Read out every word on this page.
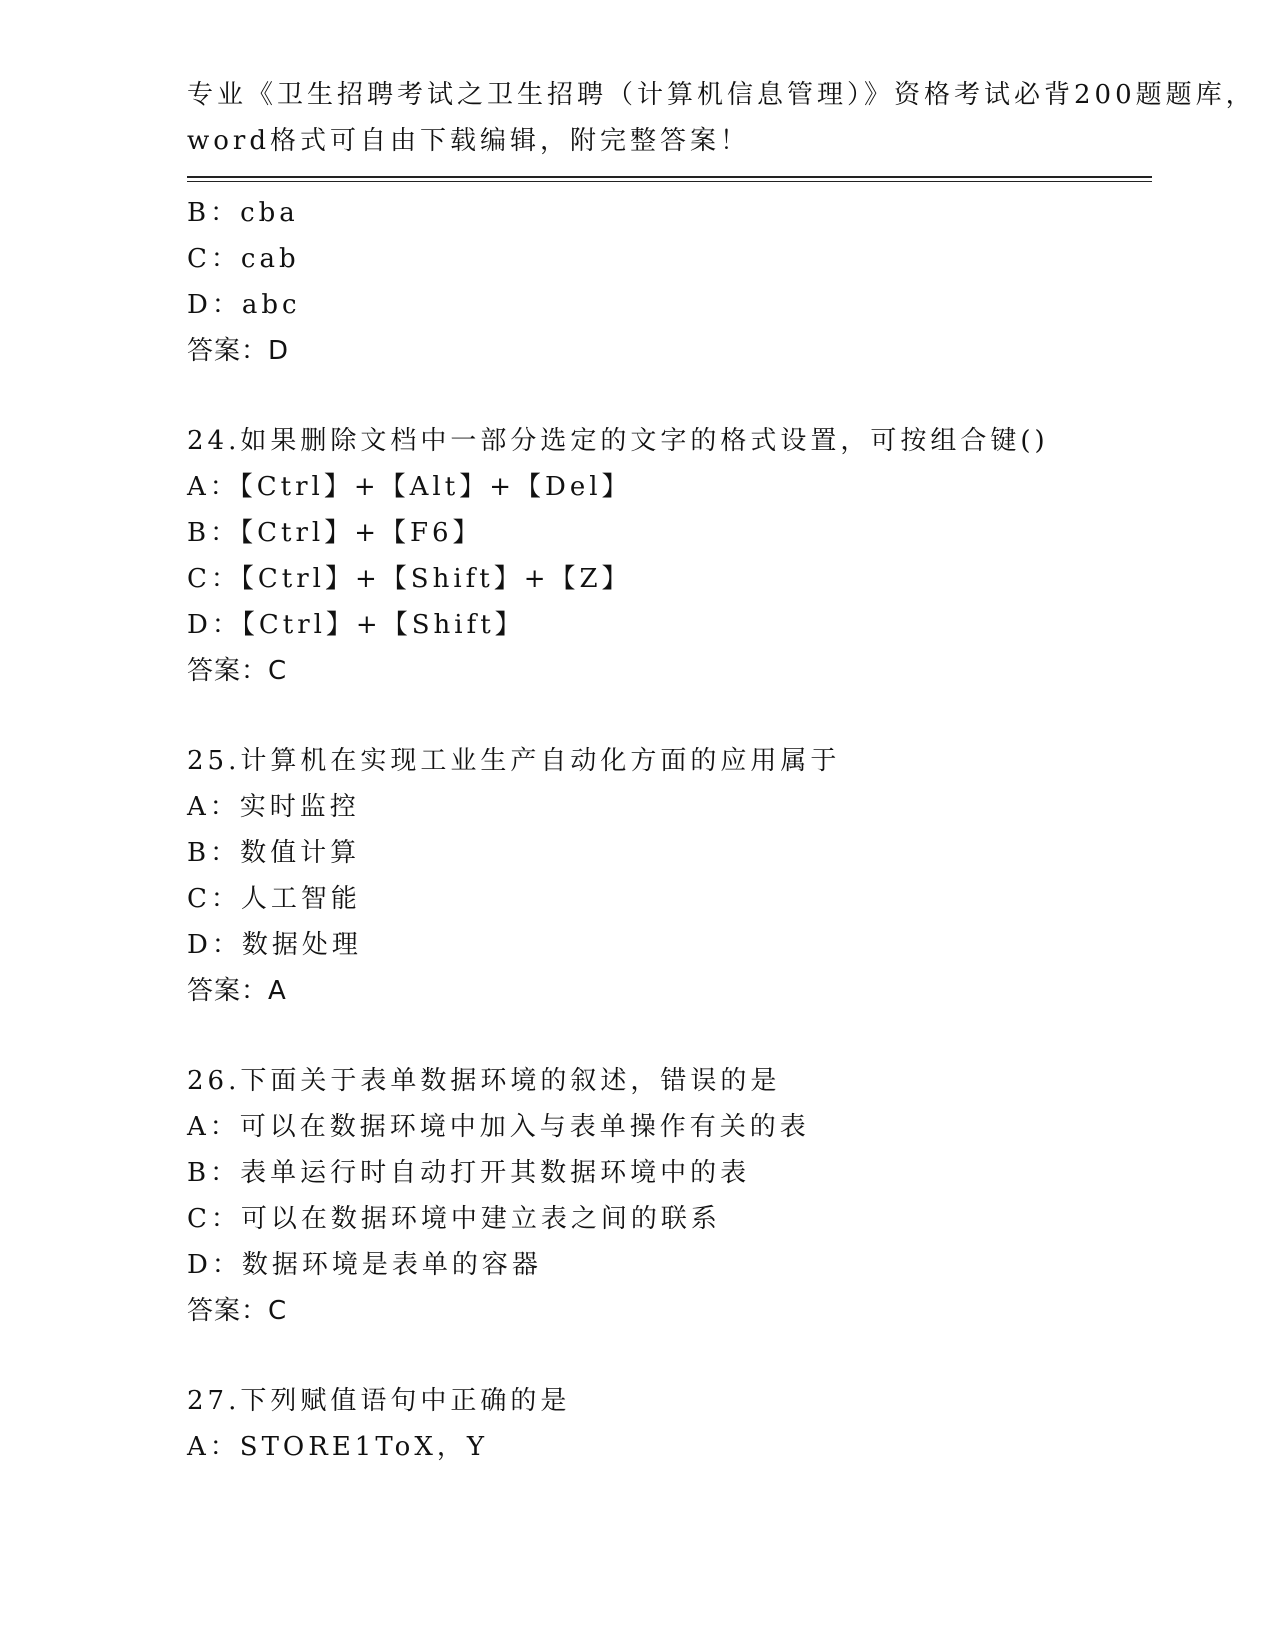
专业《卫生招聘考试之卫生招聘（计算机信息管理）》资格考试必背200题题库，
word格式可自由下载编辑，附完整答案！
B：cba
C：cab
D：abc
答案：D
24.如果删除文档中一部分选定的文字的格式设置，可按组合键()
A：【Ctrl】+【Alt】+【Del】
B：【Ctrl】+【F6】
C：【Ctrl】+【Shift】+【Z】
D：【Ctrl】+【Shift】
答案：C
25.计算机在实现工业生产自动化方面的应用属于
A：实时监控
B：数值计算
C：人工智能
D：数据处理
答案：A
26.下面关于表单数据环境的叙述，错误的是
A：可以在数据环境中加入与表单操作有关的表
B：表单运行时自动打开其数据环境中的表
C：可以在数据环境中建立表之间的联系
D：数据环境是表单的容器
答案：C
27.下列赋值语句中正确的是
A：STORE1ToX，Y
